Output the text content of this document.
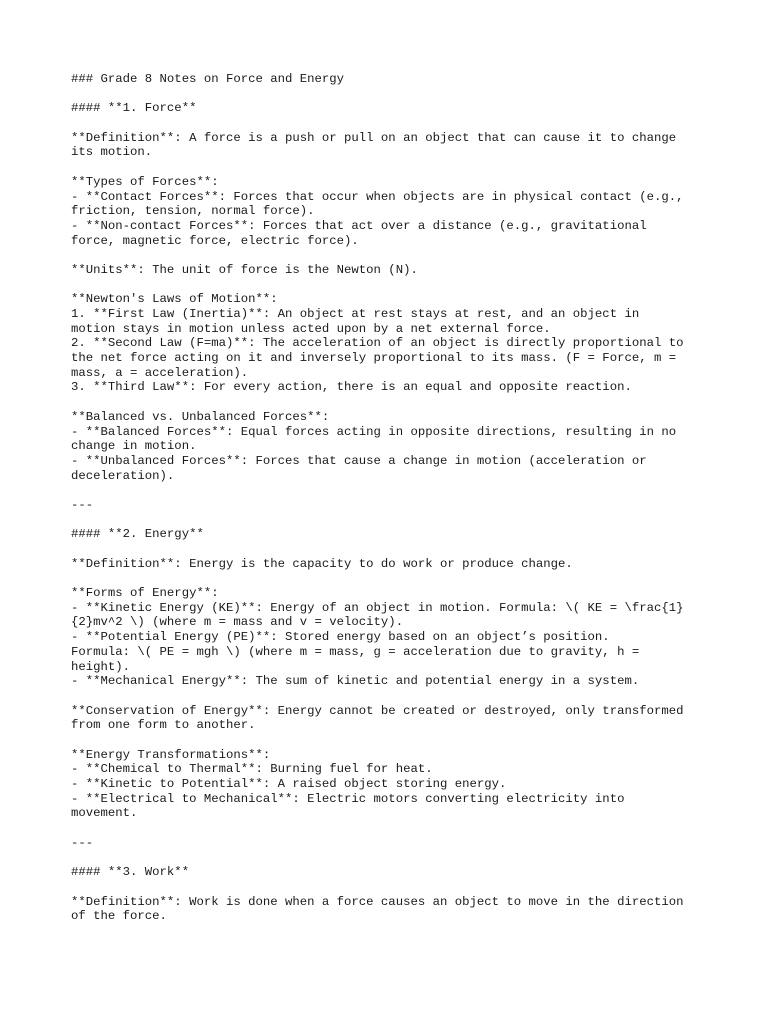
### Grade 8 Notes on Force and Energy
#### **1. Force**
**Definition**: A force is a push or pull on an object that can cause it to change
its motion.
**Types of Forces**:
- **Contact Forces**: Forces that occur when objects are in physical contact (e.g.,
friction, tension, normal force).
- **Non-contact Forces**: Forces that act over a distance (e.g., gravitational
force, magnetic force, electric force).
**Units**: The unit of force is the Newton (N).
**Newton's Laws of Motion**:
1. **First Law (Inertia)**: An object at rest stays at rest, and an object in
motion stays in motion unless acted upon by a net external force.
2. **Second Law (F=ma)**: The acceleration of an object is directly proportional to
the net force acting on it and inversely proportional to its mass. (F = Force, m =
mass, a = acceleration).
3. **Third Law**: For every action, there is an equal and opposite reaction.
**Balanced vs. Unbalanced Forces**:
- **Balanced Forces**: Equal forces acting in opposite directions, resulting in no
change in motion.
- **Unbalanced Forces**: Forces that cause a change in motion (acceleration or
deceleration).
---
#### **2. Energy**
**Definition**: Energy is the capacity to do work or produce change.
**Forms of Energy**:
- **Kinetic Energy (KE)**: Energy of an object in motion. Formula: \( KE = \frac{1}
{2}mv^2 \) (where m = mass and v = velocity).
- **Potential Energy (PE)**: Stored energy based on an object’s position.
Formula: \( PE = mgh \) (where m = mass, g = acceleration due to gravity, h =
height).
- **Mechanical Energy**: The sum of kinetic and potential energy in a system.
**Conservation of Energy**: Energy cannot be created or destroyed, only transformed
from one form to another.
**Energy Transformations**:
- **Chemical to Thermal**: Burning fuel for heat.
- **Kinetic to Potential**: A raised object storing energy.
- **Electrical to Mechanical**: Electric motors converting electricity into
movement.
---
#### **3. Work**
**Definition**: Work is done when a force causes an object to move in the direction
of the force.
